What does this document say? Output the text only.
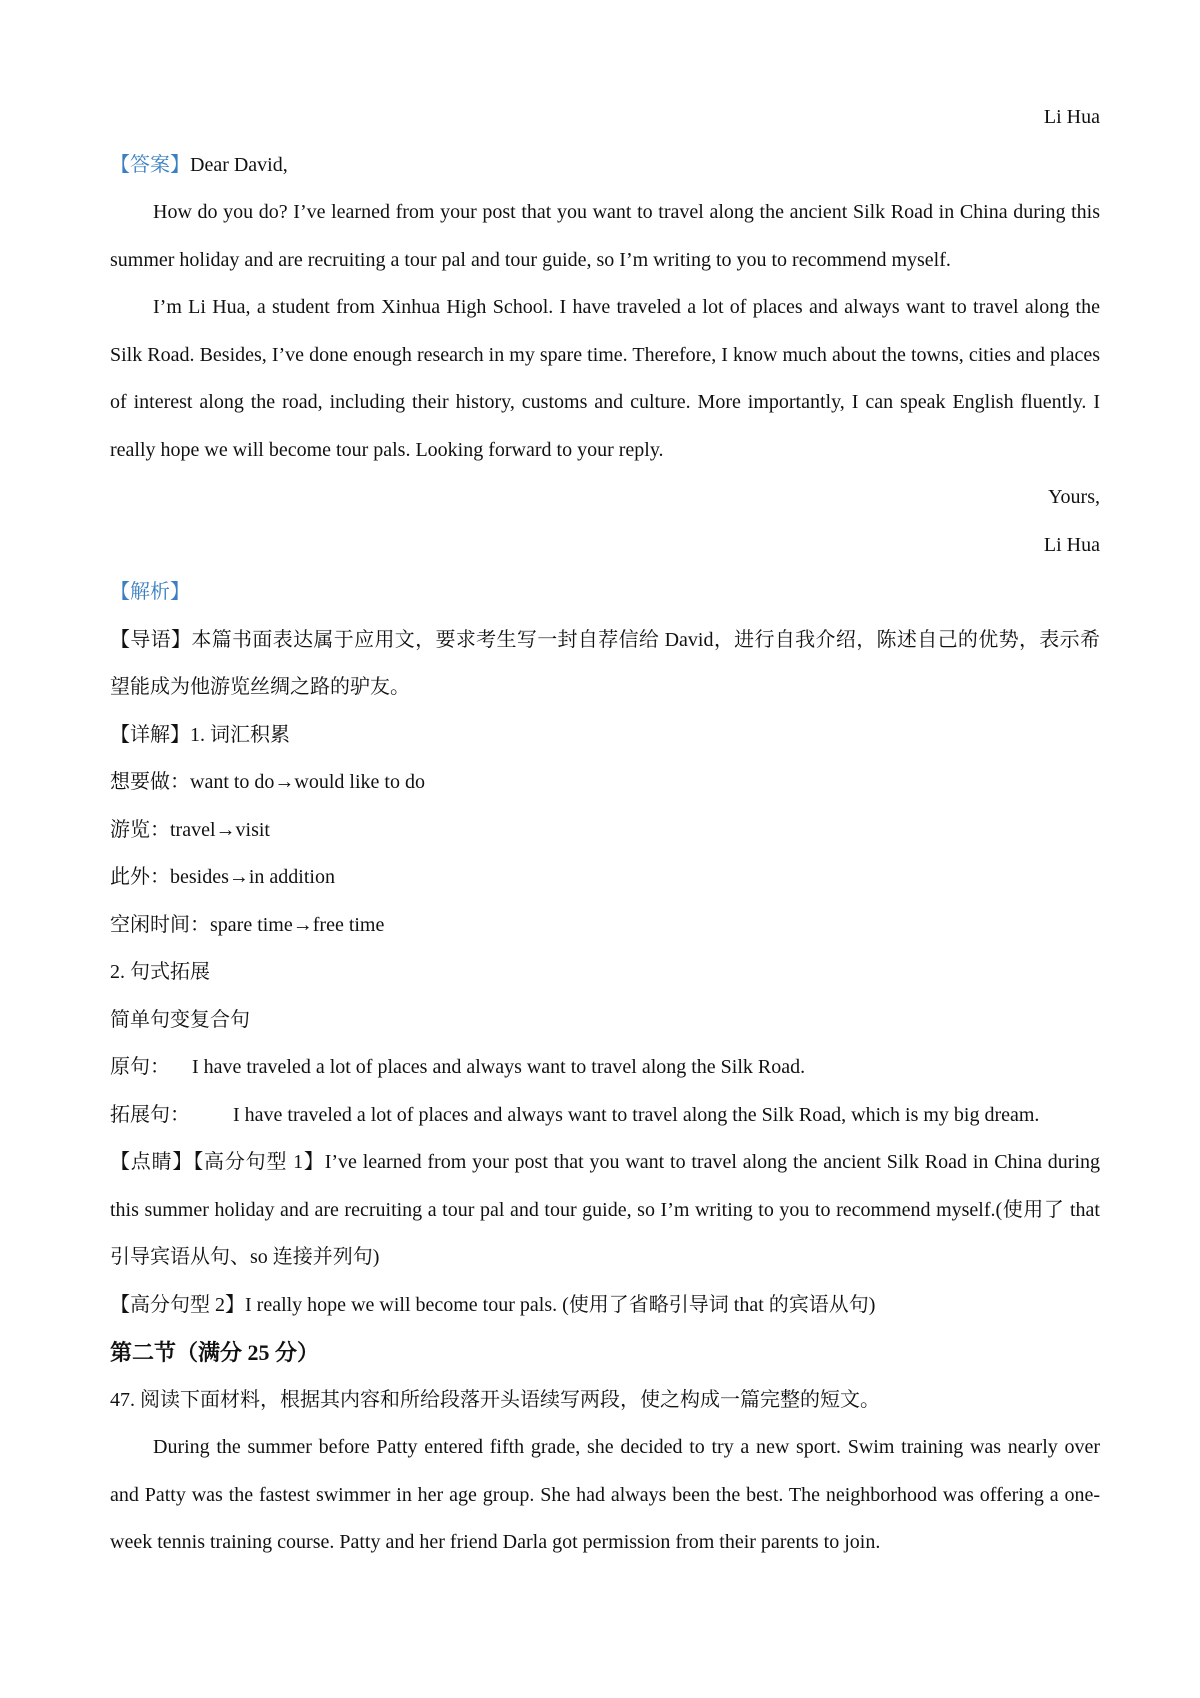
Li Hua
【答案】Dear David,
How do you do? I’ve learned from your post that you want to travel along the ancient Silk Road in China during this summer holiday and are recruiting a tour pal and tour guide, so I’m writing to you to recommend myself.
I’m Li Hua, a student from Xinhua High School. I have traveled a lot of places and always want to travel along the Silk Road. Besides, I’ve done enough research in my spare time. Therefore, I know much about the towns, cities and places of interest along the road, including their history, customs and culture. More importantly, I can speak English fluently. I really hope we will become tour pals. Looking forward to your reply.
Yours,
Li Hua
【解析】
【导语】本篇书面表达属于应用文，要求考生写一封自荐信给 David，进行自我介绍，陈述自己的优势，表示希望能成为他游览丝绸之路的驴友。
【详解】1. 词汇积累
想要做：want to do→would like to do
游览：travel→visit
此外：besides→in addition
空闲时间：spare time→free time
2. 句式拓展
简单句变复合句
原句： I have traveled a lot of places and always want to travel along the Silk Road.
拓展句： I have traveled a lot of places and always want to travel along the Silk Road, which is my big dream.
【点睛】【高分句型 1】I’ve learned from your post that you want to travel along the ancient Silk Road in China during this summer holiday and are recruiting a tour pal and tour guide, so I’m writing to you to recommend myself.(使用了 that 引导宾语从句、so 连接并列句)
【高分句型 2】I really hope we will become tour pals. (使用了省略引导词 that 的宾语从句)
第二节（满分 25 分）
47. 阅读下面材料，根据其内容和所给段落开头语续写两段，使之构成一篇完整的短文。
During the summer before Patty entered fifth grade, she decided to try a new sport. Swim training was nearly over and Patty was the fastest swimmer in her age group. She had always been the best. The neighborhood was offering a one-week tennis training course. Patty and her friend Darla got permission from their parents to join.
